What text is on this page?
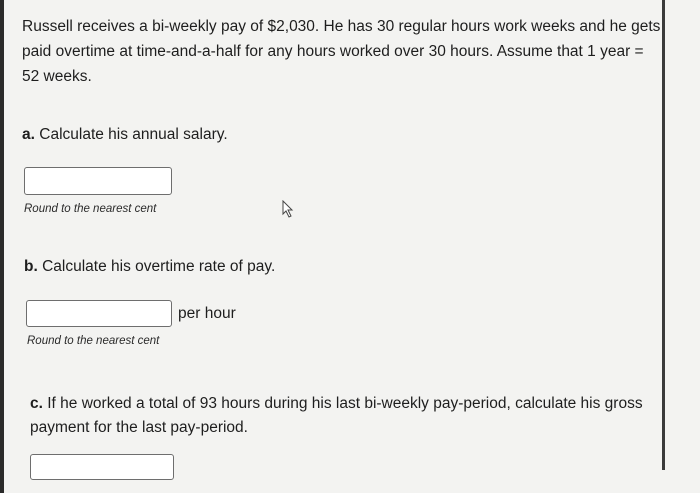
Russell receives a bi-weekly pay of $2,030. He has 30 regular hours work weeks and he gets paid overtime at time-and-a-half for any hours worked over 30 hours. Assume that 1 year = 52 weeks.

a. Calculate his annual salary.

Round to the nearest cent

b. Calculate his overtime rate of pay.

per hour

Round to the nearest cent

c. If he worked a total of 93 hours during his last bi-weekly pay-period, calculate his gross payment for the last pay-period.
